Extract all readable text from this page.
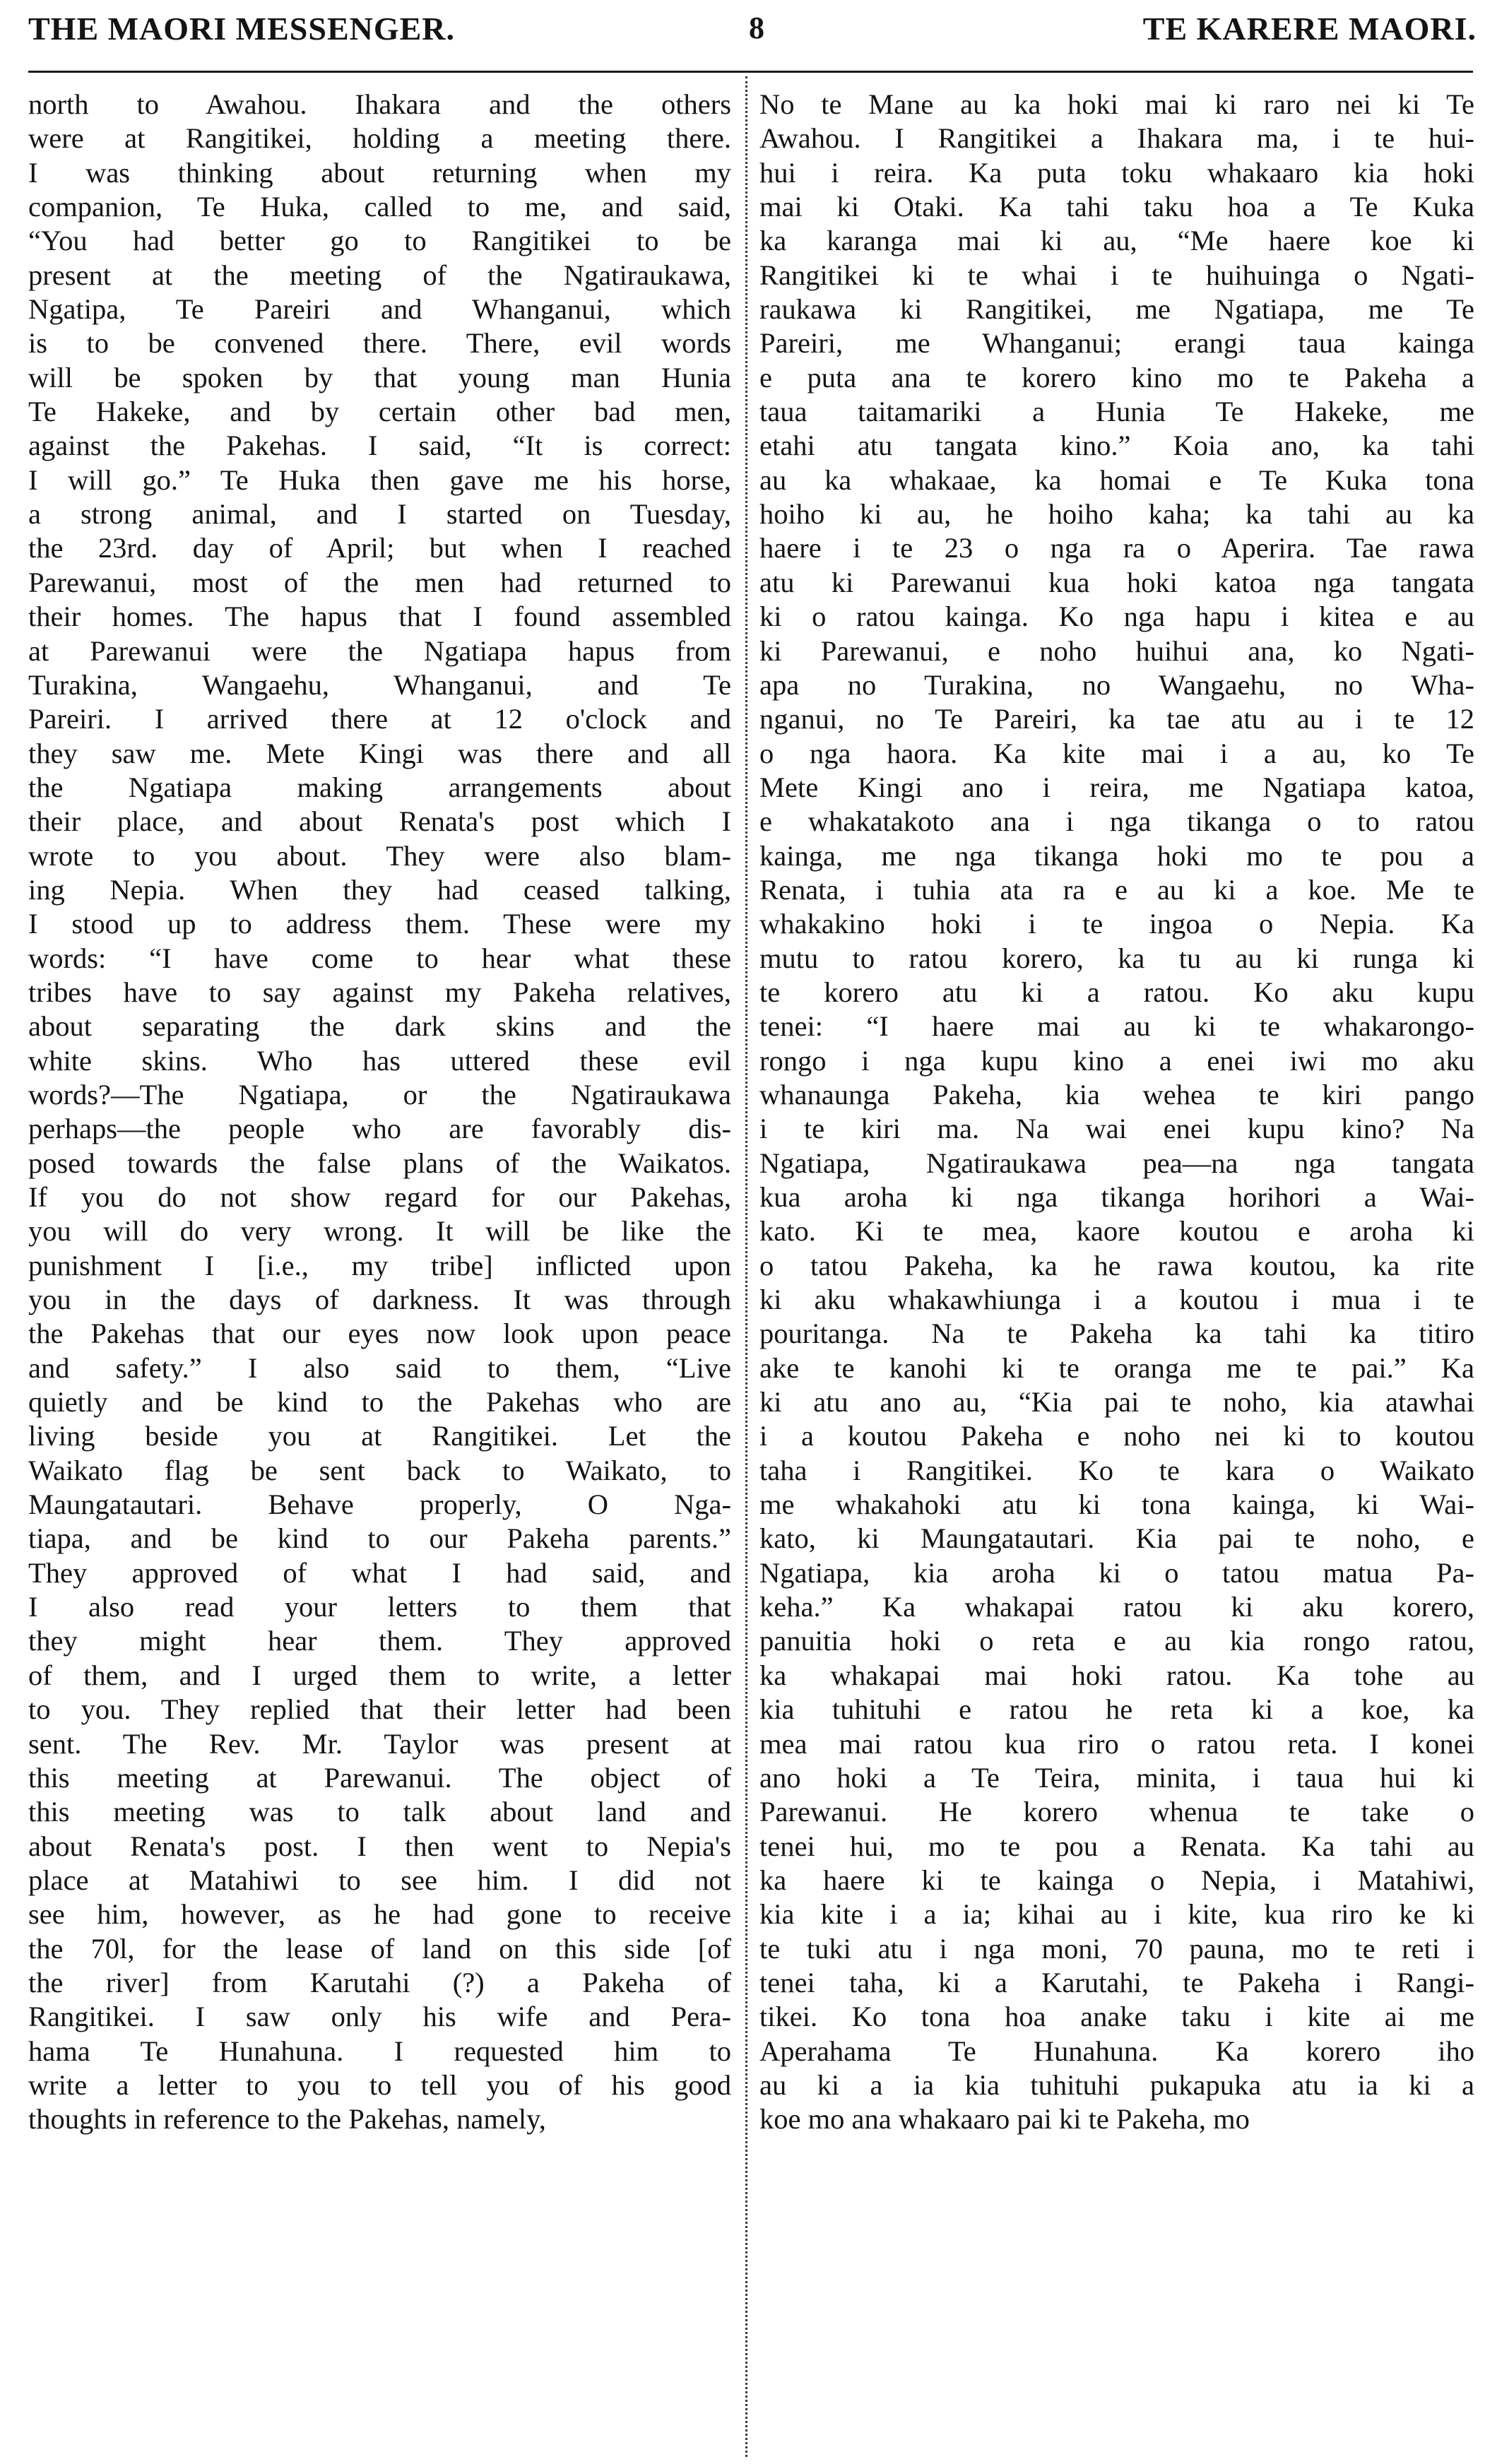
THE MAORI MESSENGER.	8	TE KARERE MAORI.
north to Awahou. Ihakara and the others
were at Rangitikei, holding a meeting there.
I was thinking about returning when my
companion, Te Huka, called to me, and said,
“You had better go to Rangitikei to be
present at the meeting of the Ngatiraukawa,
Ngatipa, Te Pareiri and Whanganui, which
is to be convened there. There, evil words
will be spoken by that young man Hunia
Te Hakeke, and by certain other bad men,
against the Pakehas. I said, “It is correct:
I will go.” Te Huka then gave me his horse,
a strong animal, and I started on Tuesday,
the 23rd. day of April; but when I reached
Parewanui, most of the men had returned to
their homes. The hapus that I found assembled
at Parewanui were the Ngatiapa hapus from
Turakina, Wangaehu, Whanganui, and Te
Pareiri. I arrived there at 12 o'clock and
they saw me. Mete Kingi was there and all
the Ngatiapa making arrangements about
their place, and about Renata's post which I
wrote to you about. They were also blam-
ing Nepia. When they had ceased talking,
I stood up to address them. These were my
words: “I have come to hear what these
tribes have to say against my Pakeha relatives,
about separating the dark skins and the
white skins. Who has uttered these evil
words?—The Ngatiapa, or the Ngatiraukawa
perhaps—the people who are favorably dis-
posed towards the false plans of the Waikatos.
If you do not show regard for our Pakehas,
you will do very wrong. It will be like the
punishment I [i.e., my tribe] inflicted upon
you in the days of darkness. It was through
the Pakehas that our eyes now look upon peace
and safety.” I also said to them, “Live
quietly and be kind to the Pakehas who are
living beside you at Rangitikei. Let the
Waikato flag be sent back to Waikato, to
Maungatautari. Behave properly, O Nga-
tiapa, and be kind to our Pakeha parents.”
They approved of what I had said, and
I also read your letters to them that
they might hear them. They approved
of them, and I urged them to write, a letter
to you. They replied that their letter had been
sent. The Rev. Mr. Taylor was present at
this meeting at Parewanui. The object of
this meeting was to talk about land and
about Renata's post. I then went to Nepia's
place at Matahiwi to see him. I did not
see him, however, as he had gone to receive
the 70l, for the lease of land on this side [of
the river] from Karutahi (?) a Pakeha of
Rangitikei. I saw only his wife and Pera-
hama Te Hunahuna. I requested him to
write a letter to you to tell you of his good
thoughts in reference to the Pakehas, namely,
No te Mane au ka hoki mai ki raro nei ki Te
Awahou. I Rangitikei a Ihakara ma, i te hui-
hui i reira. Ka puta toku whakaaro kia hoki
mai ki Otaki. Ka tahi taku hoa a Te Kuka
ka karanga mai ki au, “Me haere koe ki
Rangitikei ki te whai i te huihuinga o Ngati-
raukawa ki Rangitikei, me Ngatiapa, me Te
Pareiri, me Whanganui; erangi taua kainga
e puta ana te korero kino mo te Pakeha a
taua taitamariki a Hunia Te Hakeke, me
etahi atu tangata kino.” Koia ano, ka tahi
au ka whakaae, ka homai e Te Kuka tona
hoiho ki au, he hoiho kaha; ka tahi au ka
haere i te 23 o nga ra o Aperira. Tae rawa
atu ki Parewanui kua hoki katoa nga tangata
ki o ratou kainga. Ko nga hapu i kitea e au
ki Parewanui, e noho huihui ana, ko Ngati-
apa no Turakina, no Wangaehu, no Wha-
nganui, no Te Pareiri, ka tae atu au i te 12
o nga haora. Ka kite mai i a au, ko Te
Mete Kingi ano i reira, me Ngatiapa katoa,
e whakatakoto ana i nga tikanga o to ratou
kainga, me nga tikanga hoki mo te pou a
Renata, i tuhia ata ra e au ki a koe. Me te
whakakino hoki i te ingoa o Nepia. Ka
mutu to ratou korero, ka tu au ki runga ki
te korero atu ki a ratou. Ko aku kupu
tenei: “I haere mai au ki te whakarongo-
rongo i nga kupu kino a enei iwi mo aku
whanaunga Pakeha, kia wehea te kiri pango
i te kiri ma. Na wai enei kupu kino? Na
Ngatiapa, Ngatiraukawa pea—na nga tangata
kua aroha ki nga tikanga horihori a Wai-
kato. Ki te mea, kaore koutou e aroha ki
o tatou Pakeha, ka he rawa koutou, ka rite
ki aku whakawhiunga i a koutou i mua i te
pouritanga. Na te Pakeha ka tahi ka titiro
ake te kanohi ki te oranga me te pai.” Ka
ki atu ano au, “Kia pai te noho, kia atawhai
i a koutou Pakeha e noho nei ki to koutou
taha i Rangitikei. Ko te kara o Waikato
me whakahoki atu ki tona kainga, ki Wai-
kato, ki Maungatautari. Kia pai te noho, e
Ngatiapa, kia aroha ki o tatou matua Pa-
keha.” Ka whakapai ratou ki aku korero,
panuitia hoki o reta e au kia rongo ratou,
ka whakapai mai hoki ratou. Ka tohe au
kia tuhituhi e ratou he reta ki a koe, ka
mea mai ratou kua riro o ratou reta. I konei
ano hoki a Te Teira, minita, i taua hui ki
Parewanui. He korero whenua te take o
tenei hui, mo te pou a Renata. Ka tahi au
ka haere ki te kainga o Nepia, i Matahiwi,
kia kite i a ia; kihai au i kite, kua riro ke ki
te tuki atu i nga moni, 70 pauna, mo te reti i
tenei taha, ki a Karutahi, te Pakeha i Rangi-
tikei. Ko tona hoa anake taku i kite ai me
Aperahama Te Hunahuna. Ka korero iho
au ki a ia kia tuhituhi pukapuka atu ia ki a
koe mo ana whakaaro pai ki te Pakeha, mo
